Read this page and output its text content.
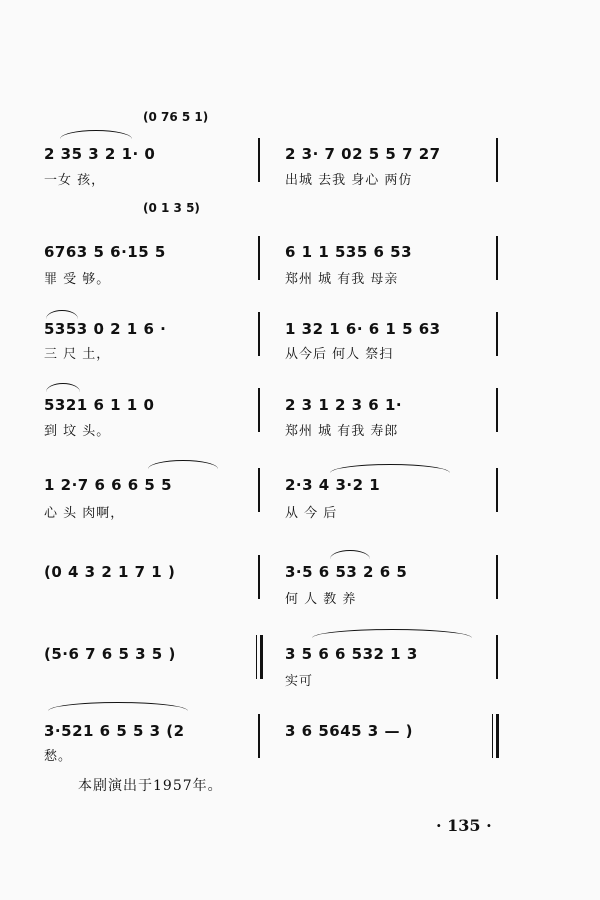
(0 76 5 1)
2 35 3 2 1· 0
一女 孩，
2 3· 7 02 5 5 7 27
出城 去我 身心 两仿
(0 1 3 5)
6763 5 6·15 5
罪 受 够。
6 1 1 535 6 53
郑州 城 有我 母亲
5353 0 2 1 6 ·
三 尺 土，
1 32 1 6· 6 1 5 63
从今后 何人 祭扫
5321 6 1 1 0
到 坟 头。
2 3 1 2 3 6 1·
郑州 城 有我 寿郎
1 2·7 6 6 6 5 5
心 头 肉啊，
2·3 4 3·2 1
从 今 后
(0 4 3 2 1 7 1 )	3·5 6 53 2 6 5
何 人 教 养
(5·6 7 6 5 3 5 )	3 5 6 6 532 1 3
实可
3·521 6 5 5 3 (2
愁。
3 6 5645 3 — )
本剧演出于1957年。
· 135 ·
